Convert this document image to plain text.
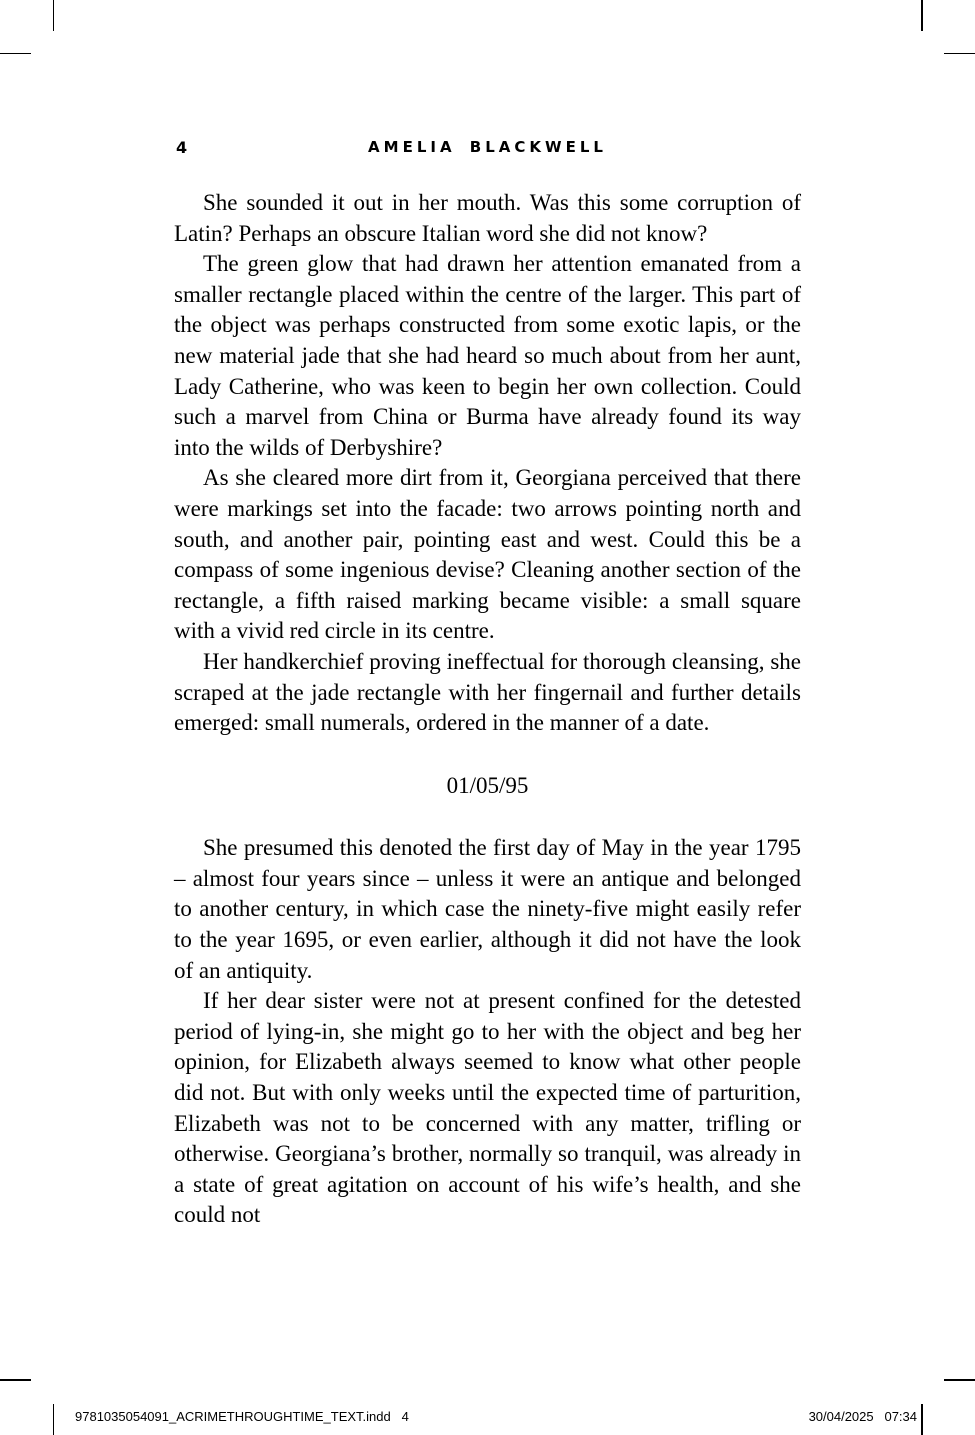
4	AMELIA BLACKWELL

She sounded it out in her mouth. Was this some corruption of Latin? Perhaps an obscure Italian word she did not know?

The green glow that had drawn her attention emanated from a smaller rectangle placed within the centre of the larger. This part of the object was perhaps constructed from some exotic lapis, or the new material jade that she had heard so much about from her aunt, Lady Catherine, who was keen to begin her own collection. Could such a marvel from China or Burma have already found its way into the wilds of Derbyshire?

As she cleared more dirt from it, Georgiana perceived that there were markings set into the facade: two arrows pointing north and south, and another pair, pointing east and west. Could this be a compass of some ingenious devise? Cleaning another section of the rectangle, a fifth raised marking became visible: a small square with a vivid red circle in its centre.

Her handkerchief proving ineffectual for thorough cleansing, she scraped at the jade rectangle with her fingernail and further details emerged: small numerals, ordered in the manner of a date.

01/05/95

She presumed this denoted the first day of May in the year 1795 – almost four years since – unless it were an antique and belonged to another century, in which case the ninety-five might easily refer to the year 1695, or even earlier, although it did not have the look of an antiquity.

If her dear sister were not at present confined for the detested period of lying-in, she might go to her with the object and beg her opinion, for Elizabeth always seemed to know what other people did not. But with only weeks until the expected time of parturition, Elizabeth was not to be concerned with any matter, trifling or otherwise. Georgiana’s brother, normally so tranquil, was already in a state of great agitation on account of his wife’s health, and she could not

9781035054091_ACRIMETHROUGHTIME_TEXT.indd   4	30/04/2025   07:34
